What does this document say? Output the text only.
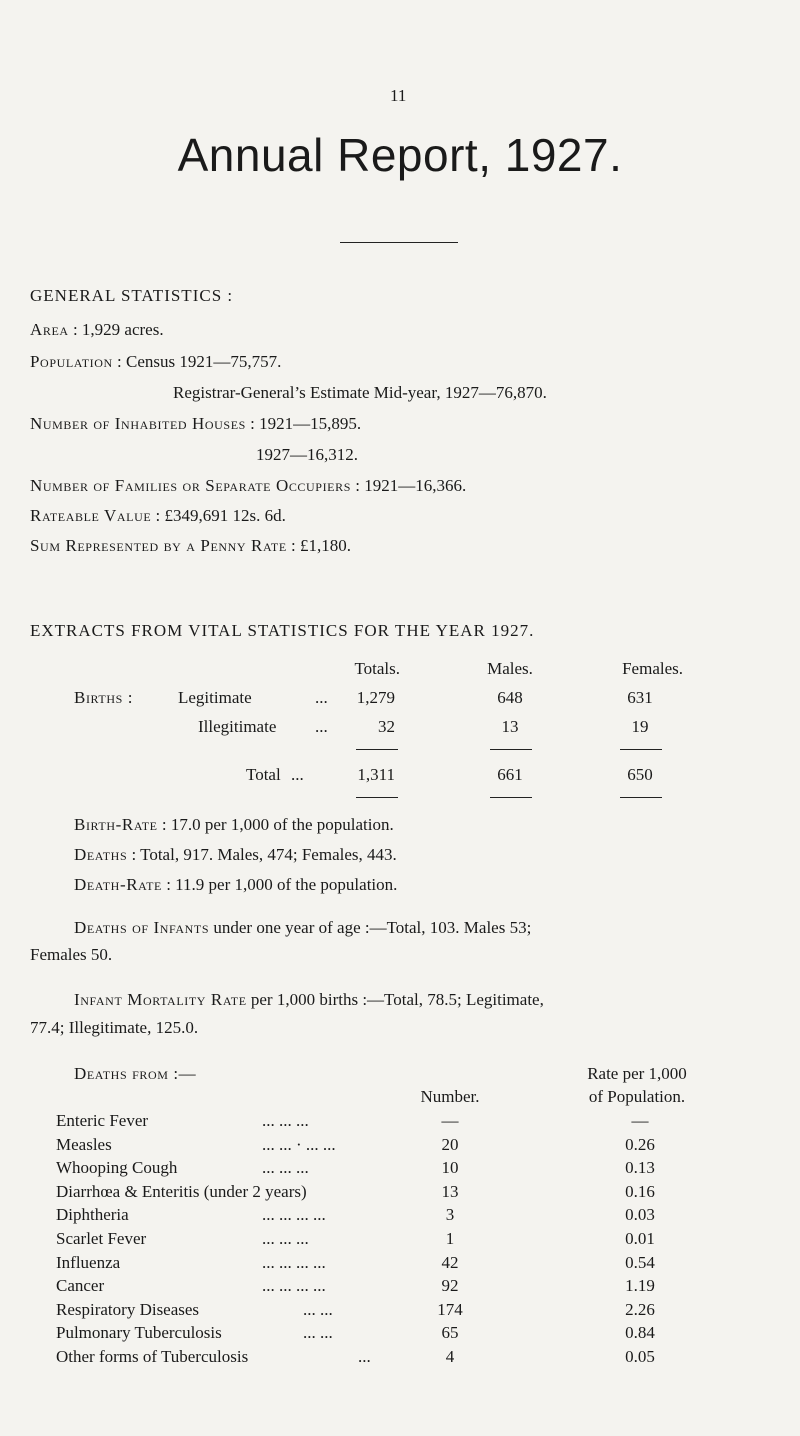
11
Annual Report, 1927.
GENERAL STATISTICS :
Area : 1,929 acres.
Population : Census 1921—75,757.
Registrar-General’s Estimate Mid-year, 1927—76,870.
Number of Inhabited Houses : 1921—15,895.
1927—16,312.
Number of Families or Separate Occupiers : 1921—16,366.
Rateable Value : £349,691 12s. 6d.
Sum Represented by a Penny Rate : £1,180.
EXTRACTS FROM VITAL STATISTICS FOR THE YEAR 1927.
Totals.	Males.	Females.
Births :	Legitimate	...	1,279	648	631
Illegitimate ...	32	13	19
Total ...	1,311	661	650
Birth-Rate : 17.0 per 1,000 of the population.
Deaths : Total, 917. Males, 474; Females, 443.
Death-Rate : 11.9 per 1,000 of the population.
Deaths of Infants under one year of age :—Total, 103. Males 53;
Females 50.
Infant Mortality Rate per 1,000 births :—Total, 78.5; Legitimate,
77.4; Illegitimate, 125.0.
Deaths from :—	Rate per 1,000
Number.	of Population.
Enteric Fever	... ... ...	—	—
Measles	... ... · ... ...	20	0.26
Whooping Cough	... ... ...	10	0.13
Diarrhœa & Enteritis (under 2 years)	13	0.16
Diphtheria	... ... ... ...	3	0.03
Scarlet Fever	... ... ...	1	0.01
Influenza	... ... ... ...	42	0.54
Cancer	... ... ... ...	92	1.19
Respiratory Diseases	... ...	174	2.26
Pulmonary Tuberculosis	... ...	65	0.84
Other forms of Tuberculosis	...	4	0.05
